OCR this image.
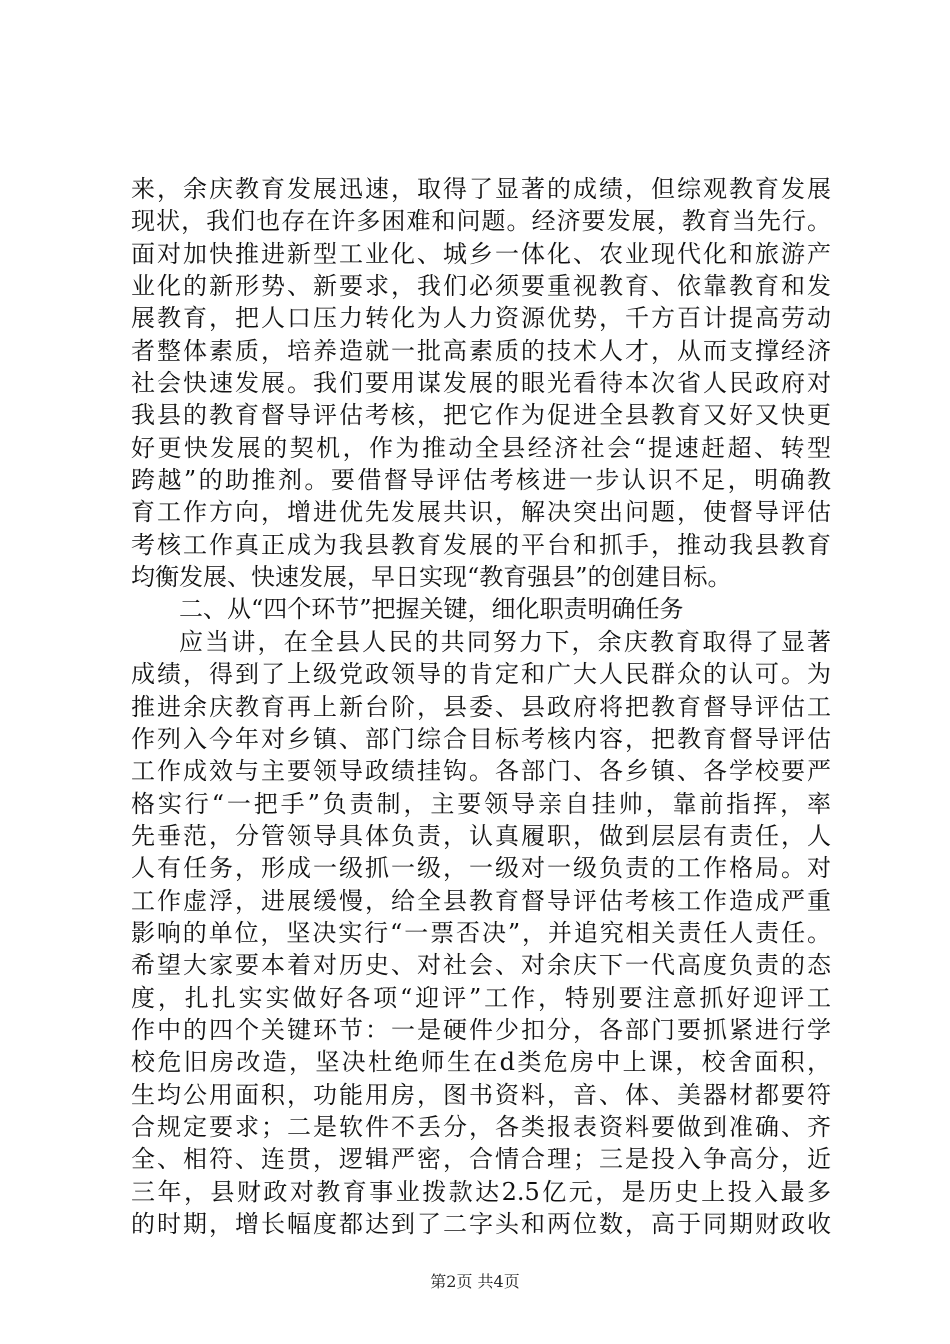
来，余庆教育发展迅速，取得了显著的成绩，但综观教育发展
现状，我们也存在许多困难和问题。经济要发展，教育当先行。
面对加快推进新型工业化、城乡一体化、农业现代化和旅游产
业化的新形势、新要求，我们必须要重视教育、依靠教育和发
展教育，把人口压力转化为人力资源优势，千方百计提高劳动
者整体素质，培养造就一批高素质的技术人才，从而支撑经济
社会快速发展。我们要用谋发展的眼光看待本次省人民政府对
我县的教育督导评估考核，把它作为促进全县教育又好又快更
好更快发展的契机，作为推动全县经济社会“提速赶超、转型
跨越”的助推剂。要借督导评估考核进一步认识不足，明确教
育工作方向，增进优先发展共识，解决突出问题，使督导评估
考核工作真正成为我县教育发展的平台和抓手，推动我县教育
均衡发展、快速发展，早日实现“教育强县”的创建目标。
二、从“四个环节”把握关键，细化职责明确任务
应当讲，在全县人民的共同努力下，余庆教育取得了显著
成绩，得到了上级党政领导的肯定和广大人民群众的认可。为
推进余庆教育再上新台阶，县委、县政府将把教育督导评估工
作列入今年对乡镇、部门综合目标考核内容，把教育督导评估
工作成效与主要领导政绩挂钩。各部门、各乡镇、各学校要严
格实行“一把手”负责制，主要领导亲自挂帅，靠前指挥，率
先垂范，分管领导具体负责，认真履职，做到层层有责任，人
人有任务，形成一级抓一级，一级对一级负责的工作格局。对
工作虚浮，进展缓慢，给全县教育督导评估考核工作造成严重
影响的单位，坚决实行“一票否决”，并追究相关责任人责任。
希望大家要本着对历史、对社会、对余庆下一代高度负责的态
度，扎扎实实做好各项“迎评”工作，特别要注意抓好迎评工
作中的四个关键环节：一是硬件少扣分，各部门要抓紧进行学
校危旧房改造，坚决杜绝师生在d类危房中上课，校舍面积，
生均公用面积，功能用房，图书资料，音、体、美器材都要符
合规定要求；二是软件不丢分，各类报表资料要做到准确、齐
全、相符、连贯，逻辑严密，合情合理；三是投入争高分，近
三年，县财政对教育事业拨款达2.5亿元，是历史上投入最多
的时期，增长幅度都达到了二字头和两位数，高于同期财政收
第2页 共4页
